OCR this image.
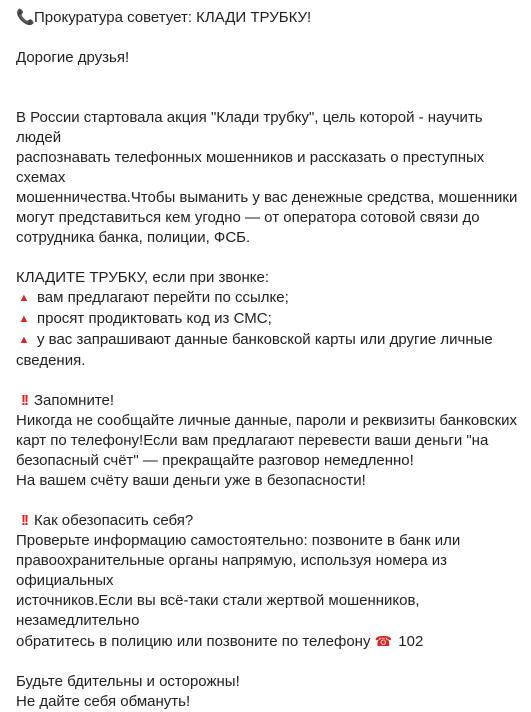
📞Прокуратура советует: КЛАДИ ТРУБКУ!

Дорогие друзья!

В России стартовала акция "Клади трубку", цель которой - научить людей
распознавать телефонных мошенников и рассказать о преступных схемах
мошенничества.Чтобы выманить у вас денежные средства, мошенники
могут представиться кем угодно — от оператора сотовой связи до
сотрудника банка, полиции, ФСБ.
КЛАДИТЕ ТРУБКУ, если при звонке:
▲ вам предлагают перейти по ссылке;
▲ просят продиктовать код из СМС;
▲ у вас запрашивают данные банковской карты или другие личные
сведения.
!! Запомните!
Никогда не сообщайте личные данные, пароли и реквизиты банковских
карт по телефону!Если вам предлагают перевести ваши деньги "на
безопасный счёт" — прекращайте разговор немедленно!
На вашем счёту ваши деньги уже в безопасности!
!! Как обезопасить себя?
Проверьте информацию самостоятельно: позвоните в банк или
правоохранительные органы напрямую, используя номера из официальных
источников.Если вы всё-таки стали жертвой мошенников, незамедлительно
обратитесь в полицию или позвоните по телефону ☎ 102
Будьте бдительны и осторожны!
Не дайте себя обмануть!
